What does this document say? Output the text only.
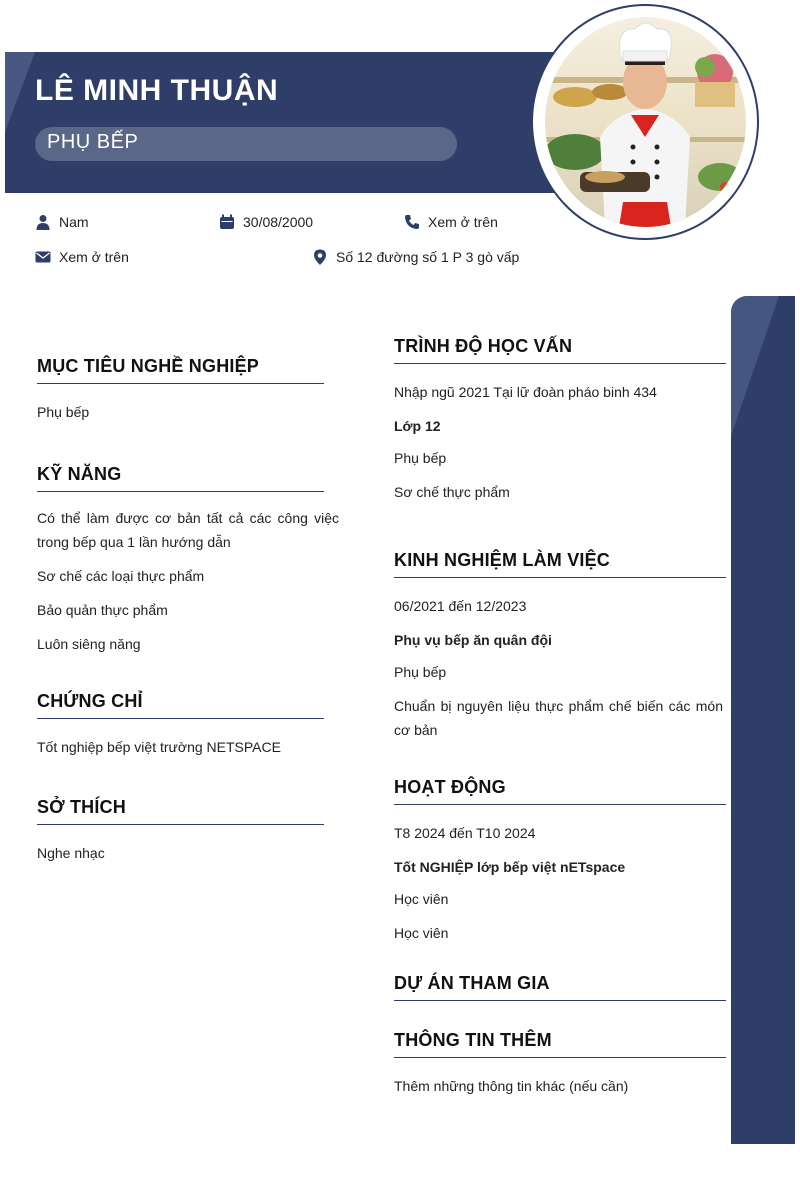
LÊ MINH THUẬN
PHỤ BẾP
Nam	30/08/2000	Xem ở trên
Xem ở trên	Số 12 đường số 1 P 3 gò vấp
MỤC TIÊU NGHỀ NGHIỆP
Phụ bếp
KỸ NĂNG
Có thể làm được cơ bản tất cả các công việc trong bếp qua 1 lần hướng dẫn
Sơ chế các loại thực phẩm
Bảo quản thực phẩm
Luôn siêng năng
CHỨNG CHỈ
Tốt nghiệp bếp việt trường NETSPACE
SỞ THÍCH
Nghe nhạc
TRÌNH ĐỘ HỌC VẤN
Nhập ngũ 2021 Tại lữ đoàn pháo binh 434
Lớp 12
Phụ bếp
Sơ chế thực phẩm
KINH NGHIỆM LÀM VIỆC
06/2021 đến 12/2023
Phụ vụ bếp ăn quân đội
Phụ bếp
Chuẩn bị nguyên liệu thực phẩm chế biến các món cơ bản
HOẠT ĐỘNG
T8 2024 đến T10 2024
Tốt NGHIỆP lớp bếp việt nETspace
Học viên
Học viên
DỰ ÁN THAM GIA
THÔNG TIN THÊM
Thêm những thông tin khác (nếu cần)
